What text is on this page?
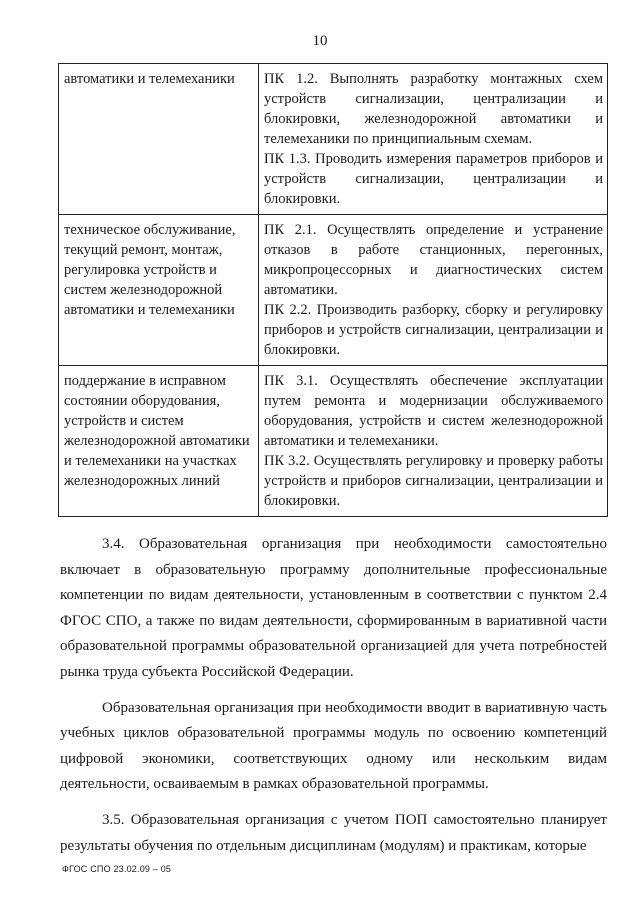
10
автоматики и телемеханики	ПК 1.2. Выполнять разработку монтажных схем устройств сигнализации, централизации и блокировки, железнодорожной автоматики и телемеханики по принципиальным схемам.
ПК 1.3. Проводить измерения параметров приборов и устройств сигнализации, централизации и блокировки.

техническое обслуживание, текущий ремонт, монтаж, регулировка устройств и систем железнодорожной автоматики и телемеханики	ПК 2.1. Осуществлять определение и устранение отказов в работе станционных, перегонных, микропроцессорных и диагностических систем автоматики.
ПК 2.2. Производить разборку, сборку и регулировку приборов и устройств сигнализации, централизации и блокировки.

поддержание в исправном состоянии оборудования, устройств и систем железнодорожной автоматики и телемеханики на участках железнодорожных линий	ПК 3.1. Осуществлять обеспечение эксплуатации путем ремонта и модернизации обслуживаемого оборудования, устройств и систем железнодорожной автоматики и телемеханики.
ПК 3.2. Осуществлять регулировку и проверку работы устройств и приборов сигнализации, централизации и блокировки.

3.4. Образовательная организация при необходимости самостоятельно включает в образовательную программу дополнительные профессиональные компетенции по видам деятельности, установленным в соответствии с пунктом 2.4 ФГОС СПО, а также по видам деятельности, сформированным в вариативной части образовательной программы образовательной организацией для учета потребностей рынка труда субъекта Российской Федерации.

Образовательная организация при необходимости вводит в вариативную часть учебных циклов образовательной программы модуль по освоению компетенций цифровой экономики, соответствующих одному или нескольким видам деятельности, осваиваемым в рамках образовательной программы.

3.5. Образовательная организация с учетом ПОП самостоятельно планирует результаты обучения по отдельным дисциплинам (модулям) и практикам, которые

ФГОС СПО 23.02.09 – 05
